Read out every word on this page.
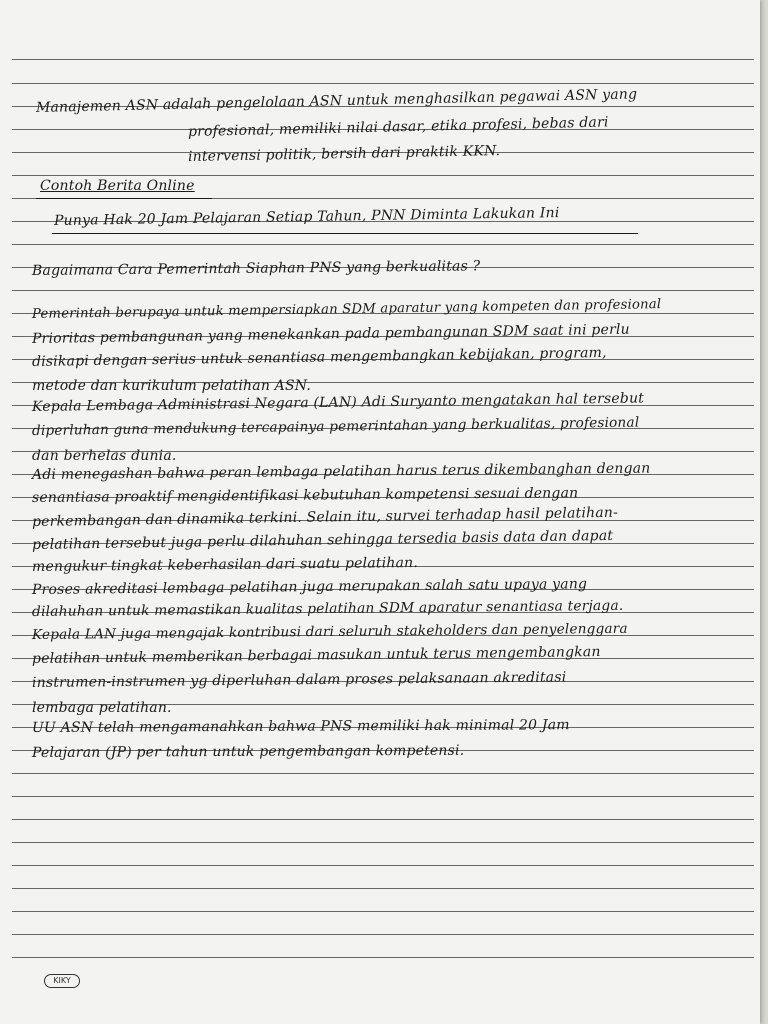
Manajemen ASN adalah pengelolaan ASN untuk menghasilkan pegawai ASN yang
profesional, memiliki nilai dasar, etika profesi, bebas dari
intervensi politik, bersih dari praktik KKN.
Contoh Berita Online
Punya Hak 20 Jam Pelajaran Setiap Tahun, PNN Diminta Lakukan Ini
Bagaimana Cara Pemerintah Siaphan PNS yang berkualitas ?
Pemerintah berupaya untuk mempersiapkan SDM aparatur yang kompeten dan profesional
Prioritas pembangunan yang menekankan pada pembangunan SDM saat ini perlu
disikapi dengan serius untuk senantiasa mengembangkan kebijakan, program,
metode dan kurikulum pelatihan ASN.
Kepala Lembaga Administrasi Negara (LAN) Adi Suryanto mengatakan hal tersebut
diperluhan guna mendukung tercapainya pemerintahan yang berkualitas, profesional
dan berhelas dunia.
Adi menegashan bahwa peran lembaga pelatihan harus terus dikembanghan dengan
senantiasa proaktif mengidentifikasi kebutuhan kompetensi sesuai dengan
perkembangan dan dinamika terkini. Selain itu, survei terhadap hasil pelatihan-
pelatihan tersebut juga perlu dilahuhan sehingga tersedia basis data dan dapat
mengukur tingkat keberhasilan dari suatu pelatihan.
Proses akreditasi lembaga pelatihan juga merupakan salah satu upaya yang
dilahuhan untuk memastikan kualitas pelatihan SDM aparatur senantiasa terjaga.
Kepala LAN juga mengajak kontribusi dari seluruh stakeholders dan penyelenggara
pelatihan untuk memberikan berbagai masukan untuk terus mengembangkan
instrumen-instrumen yg diperluhan dalam proses pelaksanaan akreditasi
lembaga pelatihan.
UU ASN telah mengamanahkan bahwa PNS memiliki hak minimal 20 Jam
Pelajaran (JP) per tahun untuk pengembangan kompetensi.
KIKY
